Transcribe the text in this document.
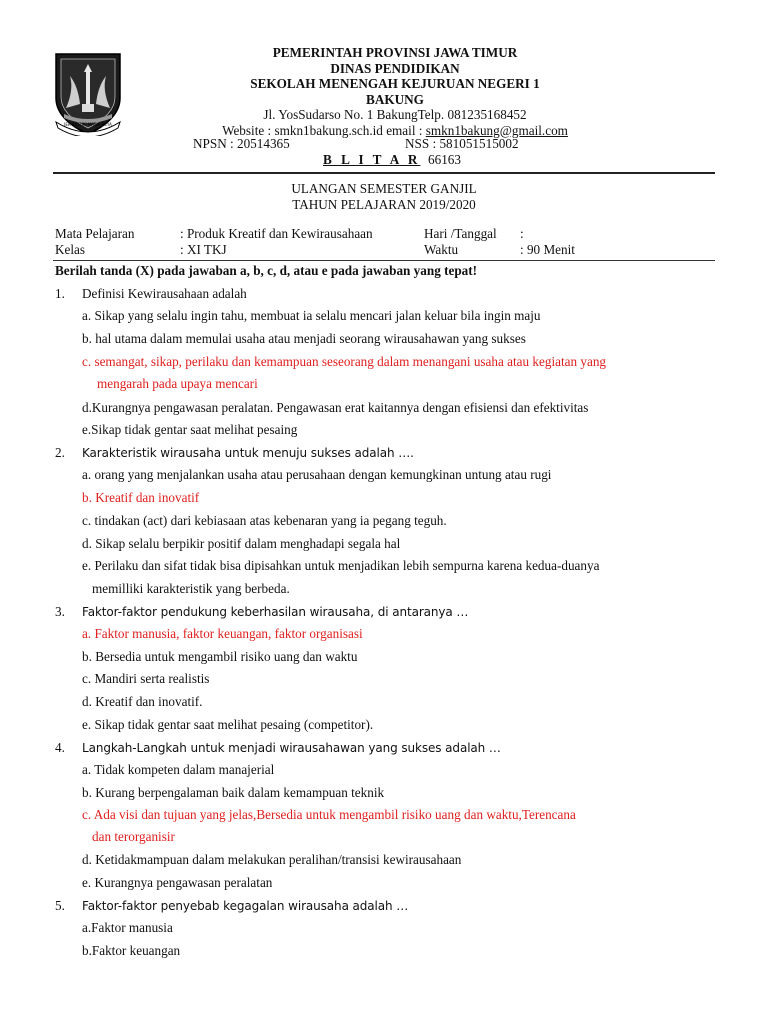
JER BASUKI MAWA BEYA
PEMERINTAH PROVINSI JAWA TIMUR
DINAS PENDIDIKAN
SEKOLAH MENENGAH KEJURUAN NEGERI 1
BAKUNG
Jl. YosSudarso No. 1 BakungTelp. 081235168452
Website : smkn1bakung.sch.id email : smkn1bakung@gmail.com
NPSN : 20514365	NSS : 581051515002
B L I T A R 66163
ULANGAN SEMESTER GANJIL
TAHUN PELAJARAN 2019/2020
Mata Pelajaran	: Produk Kreatif dan Kewirausahaan	Hari /Tanggal :
Kelas	: XI TKJ	Waktu	: 90 Menit
Berilah tanda (X) pada jawaban a, b, c, d, atau e pada jawaban yang tepat!
1. Definisi Kewirausahaan adalah
a. Sikap yang selalu ingin tahu, membuat ia selalu mencari jalan keluar bila ingin maju
b. hal utama dalam memulai usaha atau menjadi seorang wirausahawan yang sukses
c. semangat, sikap, perilaku dan kemampuan seseorang dalam menangani usaha atau kegiatan yang
mengarah pada upaya mencari
d.Kurangnya pengawasan peralatan. Pengawasan erat kaitannya dengan efisiensi dan efektivitas
e.Sikap tidak gentar saat melihat pesaing
2. Karakteristik wirausaha untuk menuju sukses adalah ….
a. orang yang menjalankan usaha atau perusahaan dengan kemungkinan untung atau rugi
b. Kreatif dan inovatif
c. tindakan (act) dari kebiasaan atas kebenaran yang ia pegang teguh.
d. Sikap selalu berpikir positif dalam menghadapi segala hal
e. Perilaku dan sifat tidak bisa dipisahkan untuk menjadikan lebih sempurna karena kedua-duanya
memilliki karakteristik yang berbeda.
3. Faktor-faktor pendukung keberhasilan wirausaha, di antaranya …
a. Faktor manusia, faktor keuangan, faktor organisasi
b. Bersedia untuk mengambil risiko uang dan waktu
c. Mandiri serta realistis
d. Kreatif dan inovatif.
e. Sikap tidak gentar saat melihat pesaing (competitor).
4. Langkah-Langkah untuk menjadi wirausahawan yang sukses adalah …
a. Tidak kompeten dalam manajerial
b. Kurang berpengalaman baik dalam kemampuan teknik
c. Ada visi dan tujuan yang jelas,Bersedia untuk mengambil risiko uang dan waktu,Terencana
dan terorganisir
d. Ketidakmampuan dalam melakukan peralihan/transisi kewirausahaan
e. Kurangnya pengawasan peralatan
5. Faktor-faktor penyebab kegagalan wirausaha adalah …
a.Faktor manusia
b.Faktor keuangan
